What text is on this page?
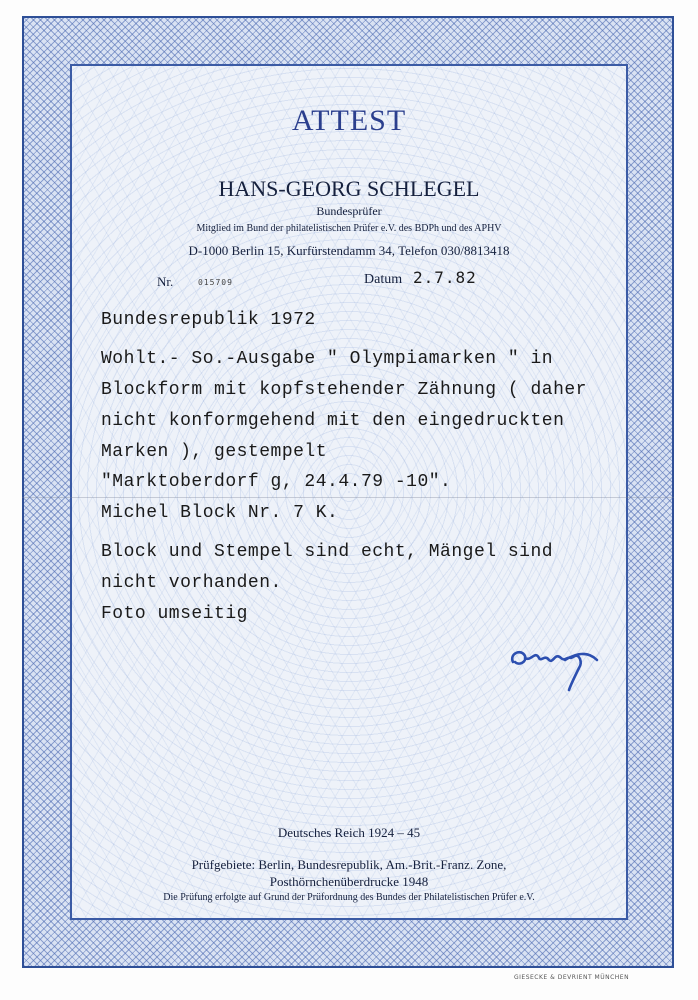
ATTEST
HANS-GEORG SCHLEGEL
Bundesprüfer
Mitglied im Bund der philatelistischen Prüfer e.V. des BDPh und des APHV
D-1000 Berlin 15, Kurfürstendamm 34, Telefon 030/8813418
Nr.	015709	Datum 2.7.82
Bundesrepublik 1972
Wohlt.- So.-Ausgabe " Olympiamarken " in
Blockform mit kopfstehender Zähnung ( daher
nicht konformgehend mit den eingedruckten
Marken ), gestempelt
"Marktoberdorf g, 24.4.79 -10".
Michel Block Nr. 7 K.
Block und Stempel sind echt, Mängel sind
nicht vorhanden.
Foto umseitig
Deutsches Reich 1924 – 45
Prüfgebiete: Berlin, Bundesrepublik, Am.-Brit.-Franz. Zone,
Posthörnchenüberdrucke 1948
Die Prüfung erfolgte auf Grund der Prüfordnung des Bundes der Philatelistischen Prüfer e.V.
GIESECKE & DEVRIENT MÜNCHEN
